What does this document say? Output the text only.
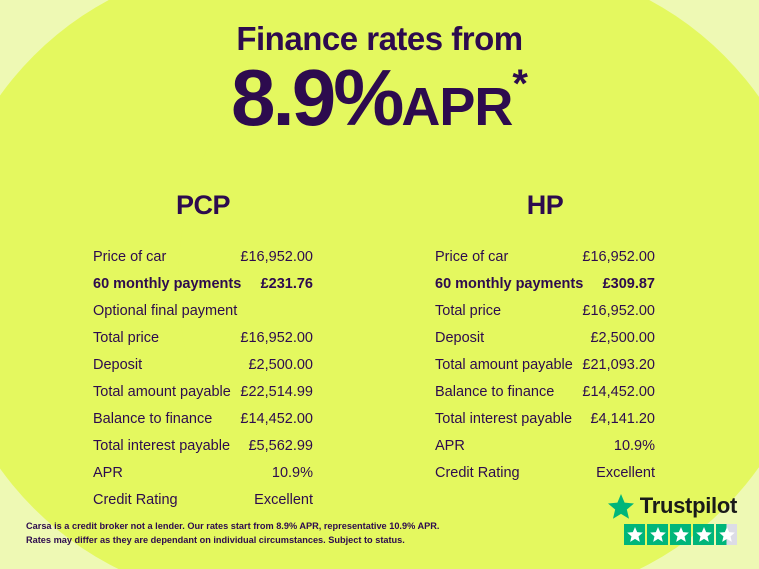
Finance rates from
8.9%APR*
PCP
Price of car	£16,952.00
60 monthly payments £231.76
Optional final payment
Total price	£16,952.00
Deposit	£2,500.00
Total amount payable £22,514.99
Balance to finance £14,452.00
Total interest payable £5,562.99
APR	10.9%
Credit Rating	Excellent
HP
Price of car	£16,952.00
60 monthly payments £309.87
Total price	£16,952.00
Deposit	£2,500.00
Total amount payable £21,093.20
Balance to finance £14,452.00
Total interest payable £4,141.20
APR	10.9%
Credit Rating	Excellent
Carsa is a credit broker not a lender. Our rates start from 8.9% APR, representative 10.9% APR. Rates may differ as they are dependant on individual circumstances. Subject to status.
Trustpilot
